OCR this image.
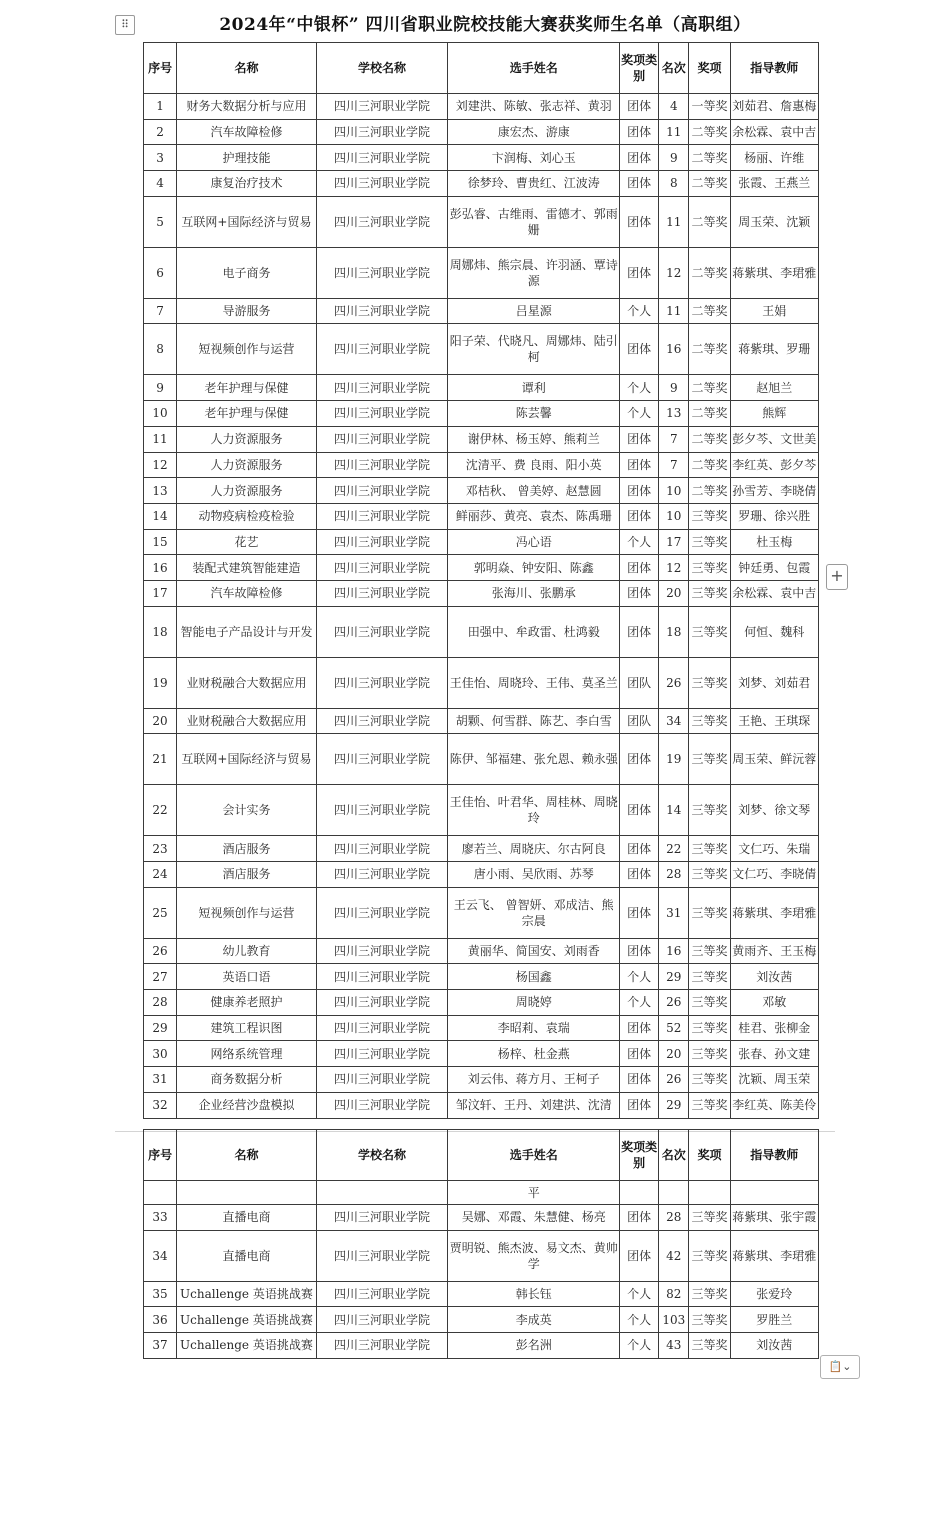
⠿	2024年“中银杯” 四川省职业院校技能大赛获奖师生名单（高职组）
序号	名称	学校名称	选手姓名	奖项类别	名次	奖项	指导教师
1	财务大数据分析与应用	四川三河职业学院	刘建洪、陈敏、张志祥、黄羽	团体	4	一等奖	刘茹君、詹惠梅
2	汽车故障检修	四川三河职业学院	康宏杰、游康	团体	11	二等奖	余松霖、袁中吉
3	护理技能	四川三河职业学院	卞润梅、刘心玉	团体	9	二等奖	杨丽、许维
4	康复治疗技术	四川三河职业学院	徐梦玲、曹贵红、江波涛	团体	8	二等奖	张霞、王燕兰
5	互联网+国际经济与贸易	四川三河职业学院	彭弘睿、古维雨、雷德才、郭雨姗	团体	11	二等奖	周玉荣、沈颖
6	电子商务	四川三河职业学院	周娜炜、熊宗晨、许羽涵、覃诗源	团体	12	二等奖	蒋紫琪、李珺雅
7	导游服务	四川三河职业学院	吕星源	个人	11	二等奖	王娟
8	短视频创作与运营	四川三河职业学院	阳子荣、代晓凡、周娜炜、陆引柯	团体	16	二等奖	蒋紫琪、罗珊
9	老年护理与保健	四川三河职业学院	谭利	个人	9	二等奖	赵旭兰
10	老年护理与保健	四川三河职业学院	陈芸馨	个人	13	二等奖	熊辉
11	人力资源服务	四川三河职业学院	谢伊林、杨玉婷、熊莉兰	团体	7	二等奖	彭夕芩、文世美
12	人力资源服务	四川三河职业学院	沈清平、费 良雨、阳小英	团体	7	二等奖	李红英、彭夕芩
13	人力资源服务	四川三河职业学院	邓桔秋、 曾美婷、赵慧圆	团体	10	二等奖	孙雪芳、李晓倩
14	动物疫病检疫检验	四川三河职业学院	鲜丽莎、黄亮、袁杰、陈禹珊	团体	10	三等奖	罗珊、徐兴胜
15	花艺	四川三河职业学院	冯心语	个人	17	三等奖	杜玉梅
16	装配式建筑智能建造	四川三河职业学院	郭明焱、钟安阳、陈鑫	团体	12	三等奖	钟廷勇、包霞
17	汽车故障检修	四川三河职业学院	张海川、张鹏承	团体	20	三等奖	余松霖、袁中吉
18	智能电子产品设计与开发	四川三河职业学院	田强中、牟政雷、杜鸿毅	团体	18	三等奖	何恒、魏科
19	业财税融合大数据应用	四川三河职业学院	王佳怡、周晓玲、王伟、莫圣兰	团队	26	三等奖	刘梦、刘茹君
20	业财税融合大数据应用	四川三河职业学院	胡颗、何雪群、陈艺、李白雪	团队	34	三等奖	王艳、王琪琛
21	互联网+国际经济与贸易	四川三河职业学院	陈伊、邹福建、张允恩、赖永强	团体	19	三等奖	周玉荣、鲜沅蓉
22	会计实务	四川三河职业学院	王佳怡、叶君华、周桂林、周晓玲	团体	14	三等奖	刘梦、徐文琴
23	酒店服务	四川三河职业学院	廖若兰、周晓庆、尔古阿良	团体	22	三等奖	文仁巧、朱瑞
24	酒店服务	四川三河职业学院	唐小雨、吴欣雨、苏琴	团体	28	三等奖	文仁巧、李晓倩
25	短视频创作与运营	四川三河职业学院	王云飞、 曾智妍、邓成洁、熊宗晨	团体	31	三等奖	蒋紫琪、李珺雅
26	幼儿教育	四川三河职业学院	黄丽华、简国安、刘雨香	团体	16	三等奖	黄雨齐、王玉梅
27	英语口语	四川三河职业学院	杨国鑫	个人	29	三等奖	刘汝茜
28	健康养老照护	四川三河职业学院	周晓婷	个人	26	三等奖	邓敏
29	建筑工程识图	四川三河职业学院	李昭莉、袁瑞	团体	52	三等奖	桂君、张柳金
30	网络系统管理	四川三河职业学院	杨梓、杜金燕	团体	20	三等奖	张春、孙文建
31	商务数据分析	四川三河职业学院	刘云伟、蒋方月、王柯子	团体	26	三等奖	沈颖、周玉荣
32	企业经营沙盘模拟	四川三河职业学院	邹汶轩、王丹、刘建洪、沈清	团体	29	三等奖	李红英、陈美伶
+
序号	名称	学校名称	选手姓名	奖项类别	名次	奖项	指导教师
			平				
33	直播电商	四川三河职业学院	吴娜、邓霞、朱慧健、杨亮	团体	28	三等奖	蒋紫琪、张宇霞
34	直播电商	四川三河职业学院	贾明锐、熊杰波、易文杰、黄帅学	团体	42	三等奖	蒋紫琪、李珺雅
35	Uchallenge 英语挑战赛	四川三河职业学院	韩长钰	个人	82	三等奖	张爱玲
36	Uchallenge 英语挑战赛	四川三河职业学院	李成英	个人	103	三等奖	罗胜兰
37	Uchallenge 英语挑战赛	四川三河职业学院	彭名洲	个人	43	三等奖	刘汝茜
📋⌄
